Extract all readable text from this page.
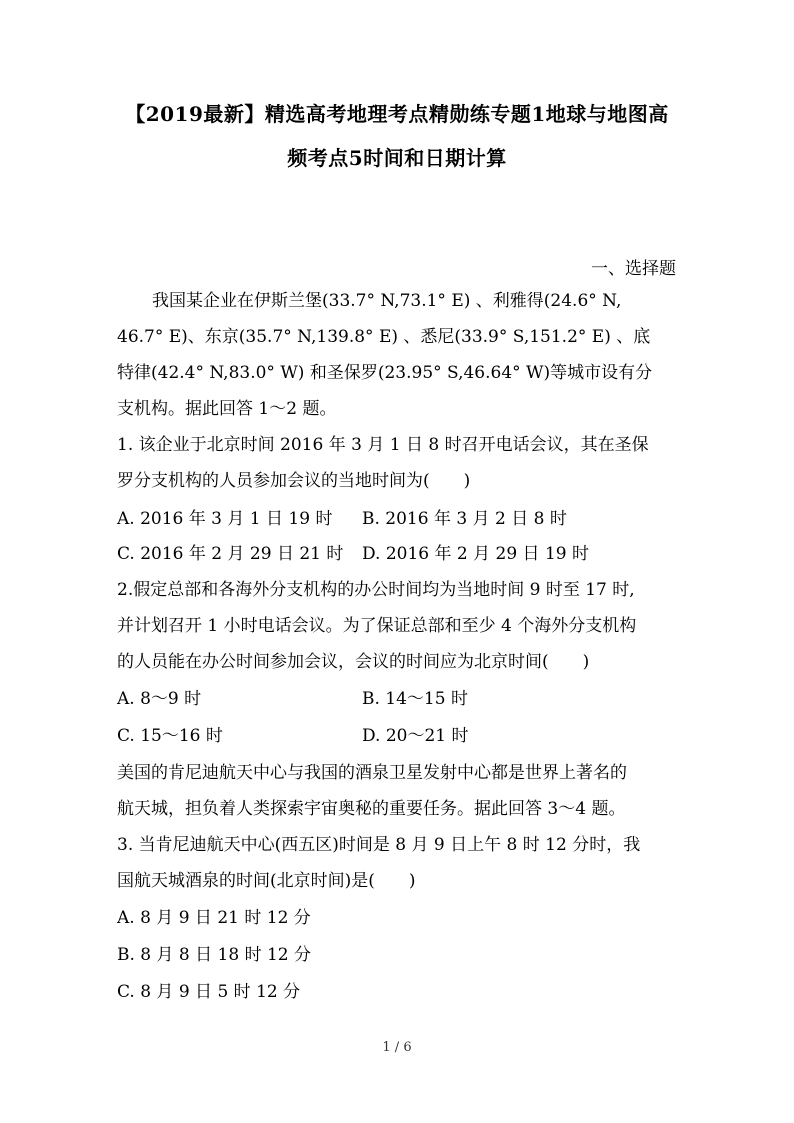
【2019最新】精选高考地理考点精勋练专题1地球与地图高
频考点5时间和日期计算
一、选择题
我国某企业在伊斯兰堡(33.7° N,73.1° E) 、利雅得(24.6° N,
46.7° E)、东京(35.7° N,139.8° E) 、悉尼(33.9° S,151.2° E) 、底
特律(42.4° N,83.0° W) 和圣保罗(23.95° S,46.64° W)等城市设有分
支机构。据此回答 1～2 题。
1. 该企业于北京时间 2016 年 3 月 1 日 8 时召开电话会议，其在圣保
罗分支机构的人员参加会议的当地时间为(　　)
A. 2016 年 3 月 1 日 19 时	B. 2016 年 3 月 2 日 8 时
C. 2016 年 2 月 29 日 21 时	D. 2016 年 2 月 29 日 19 时
2.假定总部和各海外分支机构的办公时间均为当地时间 9 时至 17 时,
并计划召开 1 小时电话会议。为了保证总部和至少 4 个海外分支机构
的人员能在办公时间参加会议，会议的时间应为北京时间(　　)
A. 8～9 时	B. 14～15 时
C. 15～16 时	D. 20～21 时
美国的肯尼迪航天中心与我国的酒泉卫星发射中心都是世界上著名的
航天城，担负着人类探索宇宙奥秘的重要任务。据此回答 3～4 题。
3. 当肯尼迪航天中心(西五区)时间是 8 月 9 日上午 8 时 12 分时，我
国航天城酒泉的时间(北京时间)是(　　)
A. 8 月 9 日 21 时 12 分
B. 8 月 8 日 18 时 12 分
C. 8 月 9 日 5 时 12 分
1 / 6
